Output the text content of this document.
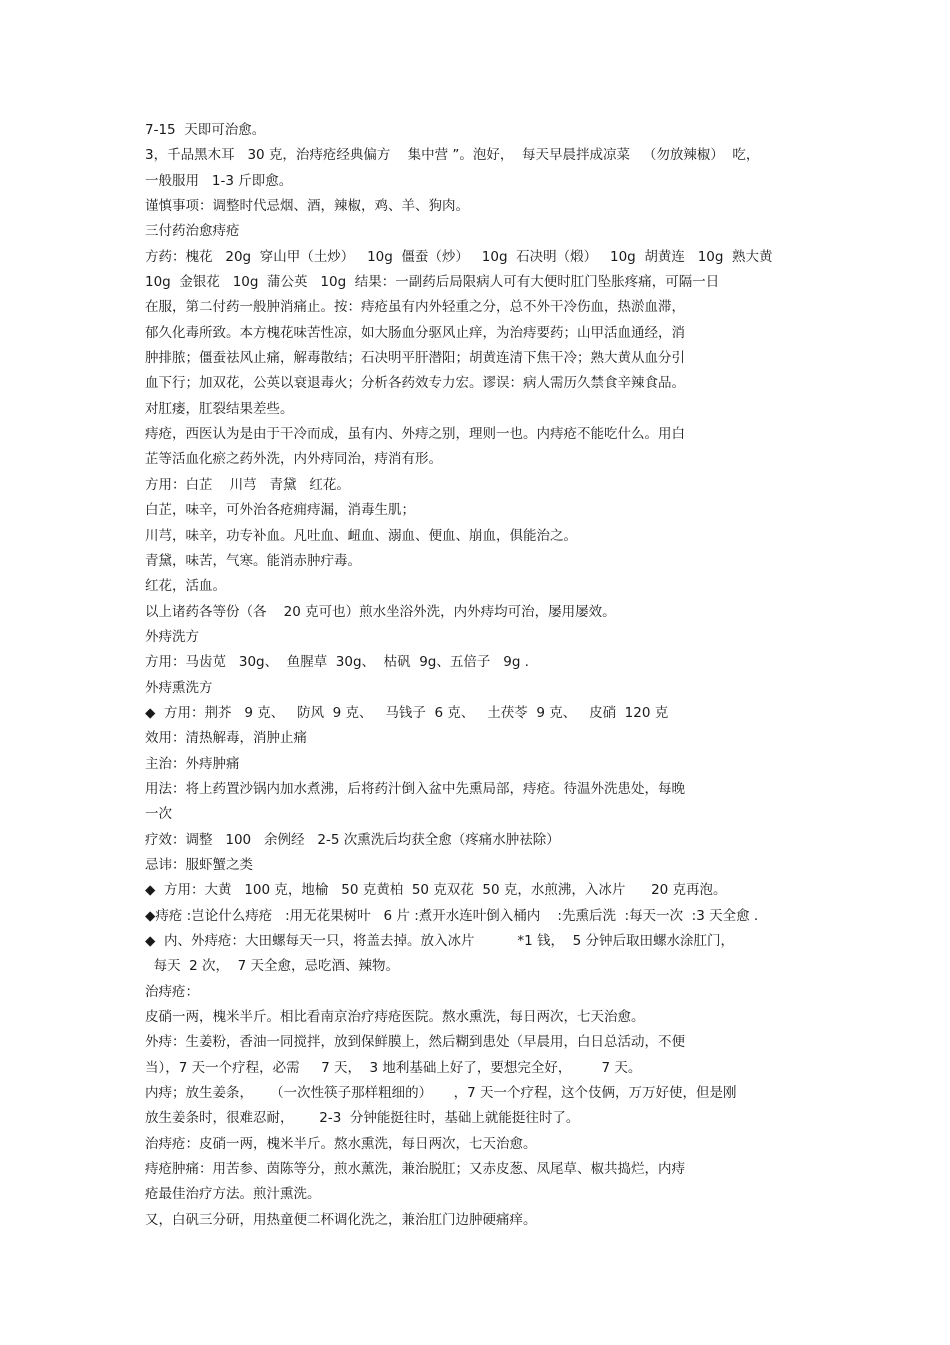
7-15  天即可治愈。
3，千品黑木耳   30 克，治痔疮经典偏方    集中营 ”。泡好，  每天早晨拌成凉菜   （勿放辣椒）  吃，
一般服用   1-3 斤即愈。
谨慎事项：调整时代忌烟、酒，辣椒，鸡、羊、狗肉。
三付药治愈痔疮
方药：槐花   20g  穿山甲（土炒）   10g  僵蚕（炒）   10g  石决明（煅）   10g  胡黄连   10g  熟大黄
10g  金银花   10g  蒲公英   10g  结果：一副药后局限病人可有大便时肛门坠胀疼痛，可隔一日
在服，第二付药一般肿消痛止。按：痔疮虽有内外轻重之分，总不外干冷伤血，热淤血滞，
郁久化毒所致。本方槐花味苦性凉，如大肠血分驱风止痒，为治痔要药；山甲活血通经，消
肿排脓；僵蚕祛风止痛，解毒散结；石决明平肝潜阳；胡黄连清下焦干冷；熟大黄从血分引
血下行；加双花，公英以衰退毒火；分析各药效专力宏。谬误：病人需历久禁食辛辣食品。
对肛瘘，肛裂结果差些。
痔疮，西医认为是由于干冷而成，虽有内、外痔之别，理则一也。内痔疮不能吃什么。用白
芷等活血化瘀之药外洗，内外痔同治，痔消有形。
方用：白芷    川芎   青黛   红花。
白芷，味辛，可外治各疮痈痔漏，消毒生肌；
川芎，味辛，功专补血。凡吐血、衄血、溺血、便血、崩血，俱能治之。
青黛，味苦，气寒。能消赤肿疔毒。
红花，活血。
以上诸药各等份（各    20 克可也）煎水坐浴外洗，内外痔均可治，屡用屡效。
外痔洗方
方用：马齿苋   30g、  鱼腥草  30g、  枯矾  9g、五倍子   9g .
外痔熏洗方
◆  方用：荆芥   9 克、   防风  9 克、   马钱子  6 克、   土茯苓  9 克、   皮硝  120 克
效用：清热解毒，消肿止痛
主治：外痔肿痛
用法：将上药置沙锅内加水煮沸，后将药汁倒入盆中先熏局部，痔疮。待温外洗患处，每晚
一次
疗效：调整   100   余例经   2-5 次熏洗后均获全愈（疼痛水肿祛除）
忌讳：服虾蟹之类
◆  方用：大黄   100 克，地榆   50 克黄柏  50 克双花  50 克，水煎沸，入冰片      20 克再泡。
◆痔疮 :岂论什么痔疮   :用无花果树叶   6 片 :煮开水连叶倒入桶内    :先熏后洗  :每天一次  :3 天全愈 .
◆  内、外痔疮：大田螺每天一只，将盖去掉。放入冰片          *1 钱，  5 分钟后取田螺水涂肛门，
每天  2 次，  7 天全愈，忌吃酒、辣物。
治痔疮：
皮硝一两，槐米半斤。相比看南京治疗痔疮医院。熬水熏洗，每日两次，七天治愈。
外痔：生姜粉，香油一同搅拌，放到保鲜膜上，然后糊到患处（早晨用，白日总活动，不便
当），7 天一个疗程，必需     7 天，  3 地利基础上好了，要想完全好，       7 天。
内痔；放生姜条，    （一次性筷子那样粗细的）     ，7 天一个疗程，这个伎俩，万万好使，但是刚
放生姜条时，很难忍耐，      2-3  分钟能挺往时，基础上就能挺往时了。
治痔疮：皮硝一两，槐米半斤。熬水熏洗，每日两次，七天治愈。
痔疮肿痛：用苦参、茵陈等分，煎水薰洗，兼治脱肛；又赤皮葱、凤尾草、椒共捣烂，内痔
疮最佳治疗方法。煎汁熏洗。
又，白矾三分研，用热童便二杯调化洗之，兼治肛门边肿硬痛痒。
